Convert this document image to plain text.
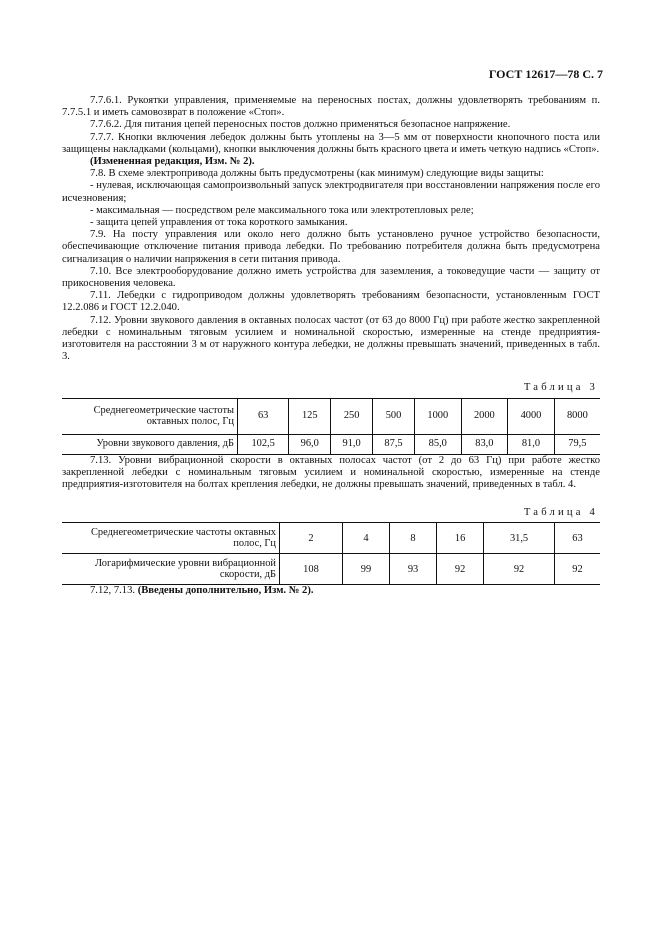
ГОСТ 12617—78 С. 7

7.7.6.1. Рукоятки управления, применяемые на переносных постах, должны удовлетворять требованиям п. 7.7.5.1 и иметь самовозврат в положение «Стоп».

7.7.6.2. Для питания цепей переносных постов должно применяться безопасное напряжение.

7.7.7. Кнопки включения лебедок должны быть утоплены на 3—5 мм от поверхности кнопочного поста или защищены накладками (кольцами), кнопки выключения должны быть красного цвета и иметь четкую надпись «Стоп».

(Измененная редакция, Изм. № 2).

7.8. В схеме электропривода должны быть предусмотрены (как минимум) следующие виды защиты:

- нулевая, исключающая самопроизвольный запуск электродвигателя при восстановлении напряжения после его исчезновения;

- максимальная — посредством реле максимального тока или электротепловых реле;

- защита цепей управления от тока короткого замыкания.

7.9. На посту управления или около него должно быть установлено ручное устройство безопасности, обеспечивающие отключение питания привода лебедки. По требованию потребителя должна быть предусмотрена сигнализация о наличии напряжения в сети питания привода.

7.10. Все электрооборудование должно иметь устройства для заземления, а токоведущие части — защиту от прикосновения человека.

7.11. Лебедки с гидроприводом должны удовлетворять требованиям безопасности, установленным ГОСТ 12.2.086 и ГОСТ 12.2.040.

7.12. Уровни звукового давления в октавных полосах частот (от 63 до 8000 Гц) при работе жестко закрепленной лебедки с номинальным тяговым усилием и номинальной скоростью, измеренные на стенде предприятия-изготовителя на расстоянии 3 м от наружного контура лебедки, не должны превышать значений, приведенных в табл. 3.

Таблица 3
Среднегеометрические частоты октавных полос, Гц	63	125	250	500	1000	2000	4000	8000
Уровни звукового давления, дБ	102,5	96,0	91,0	87,5	85,0	83,0	81,0	79,5

7.13. Уровни вибрационной скорости в октавных полосах частот (от 2 до 63 Гц) при работе жестко закрепленной лебедки с номинальным тяговым усилием и номинальной скоростью, измеренные на стенде предприятия-изготовителя на болтах крепления лебедки, не должны превышать значений, приведенных в табл. 4.

Таблица 4
Среднегеометрические частоты октавных полос, Гц	2	4	8	16	31,5	63
Логарифмические уровни вибрационной скорости, дБ	108	99	93	92	92	92

7.12, 7.13. (Введены дополнительно, Изм. № 2).
